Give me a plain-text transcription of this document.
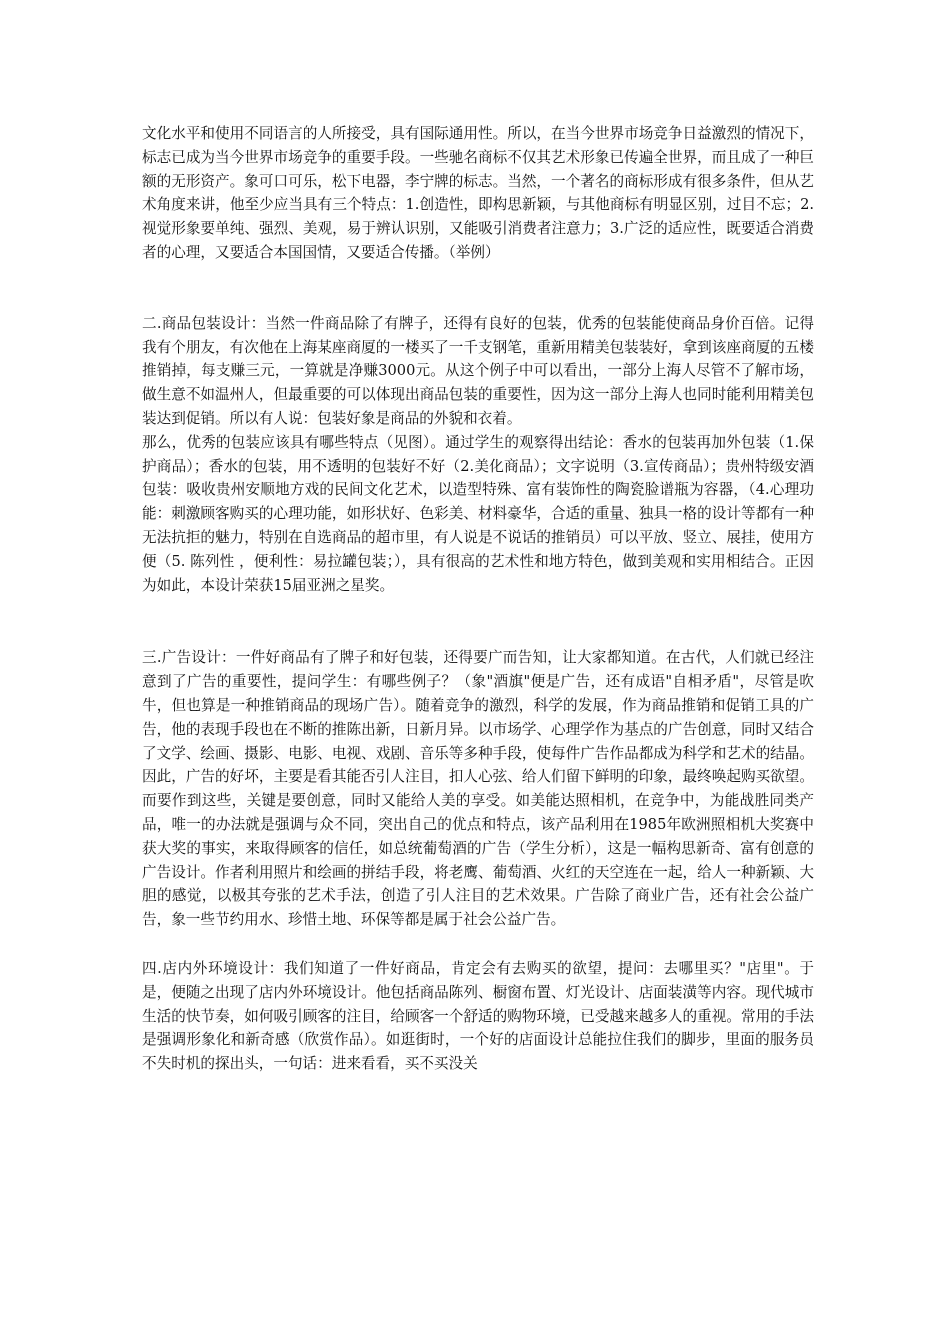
文化水平和使用不同语言的人所接受，具有国际通用性。所以，在当今世界市场竞争日益激烈的情况下，标志已成为当今世界市场竞争的重要手段。一些驰名商标不仅其艺术形象已传遍全世界，而且成了一种巨额的无形资产。象可口可乐，松下电器，李宁牌的标志。当然，一个著名的商标形成有很多条件，但从艺术角度来讲，他至少应当具有三个特点：1.创造性，即构思新颖，与其他商标有明显区别，过目不忘；2.视觉形象要单纯、强烈、美观，易于辨认识别，又能吸引消费者注意力；3.广泛的适应性，既要适合消费者的心理，又要适合本国国情，又要适合传播。（举例）

二.商品包装设计：当然一件商品除了有牌子，还得有良好的包装，优秀的包装能使商品身价百倍。记得我有个朋友，有次他在上海某座商厦的一楼买了一千支钢笔，重新用精美包装装好，拿到该座商厦的五楼推销掉，每支赚三元，一算就是净赚3000元。从这个例子中可以看出，一部分上海人尽管不了解市场，做生意不如温州人，但最重要的可以体现出商品包装的重要性，因为这一部分上海人也同时能利用精美包装达到促销。所以有人说：包装好象是商品的外貌和衣着。

那么，优秀的包装应该具有哪些特点（见图）。通过学生的观察得出结论：香水的包装再加外包装（1.保护商品）；香水的包装，用不透明的包装好不好（2.美化商品）；文字说明（3.宣传商品）；贵州特级安酒包装：吸收贵州安顺地方戏的民间文化艺术，以造型特殊、富有装饰性的陶瓷脸谱瓶为容器，（4.心理功能：刺激顾客购买的心理功能，如形状好、色彩美、材料豪华，合适的重量、独具一格的设计等都有一种无法抗拒的魅力，特别在自选商品的超市里，有人说是不说话的推销员）可以平放、竖立、展挂，使用方便（5. 陈列性 ，便利性：易拉罐包装；），具有很高的艺术性和地方特色，做到美观和实用相结合。正因为如此，本设计荣获15届亚洲之星奖。

三.广告设计：一件好商品有了牌子和好包装，还得要广而告知，让大家都知道。在古代，人们就已经注意到了广告的重要性，提问学生：有哪些例子？（象"酒旗"便是广告，还有成语"自相矛盾"，尽管是吹牛，但也算是一种推销商品的现场广告）。随着竞争的激烈，科学的发展，作为商品推销和促销工具的广告，他的表现手段也在不断的推陈出新，日新月异。以市场学、心理学作为基点的广告创意，同时又结合了文学、绘画、摄影、电影、电视、戏剧、音乐等多种手段，使每件广告作品都成为科学和艺术的结晶。因此，广告的好坏，主要是看其能否引人注目，扣人心弦、给人们留下鲜明的印象，最终唤起购买欲望。而要作到这些，关键是要创意，同时又能给人美的享受。如美能达照相机，在竞争中，为能战胜同类产品，唯一的办法就是强调与众不同，突出自己的优点和特点，该产品利用在1985年欧洲照相机大奖赛中获大奖的事实，来取得顾客的信任，如总统葡萄酒的广告（学生分析），这是一幅构思新奇、富有创意的广告设计。作者利用照片和绘画的拼结手段，将老鹰、葡萄酒、火红的天空连在一起，给人一种新颖、大胆的感觉，以极其夸张的艺术手法，创造了引人注目的艺术效果。广告除了商业广告，还有社会公益广告，象一些节约用水、珍惜土地、环保等都是属于社会公益广告。

四.店内外环境设计：我们知道了一件好商品，肯定会有去购买的欲望，提问：去哪里买？"店里"。于是，便随之出现了店内外环境设计。他包括商品陈列、橱窗布置、灯光设计、店面装潢等内容。现代城市生活的快节奏，如何吸引顾客的注目，给顾客一个舒适的购物环境，已受越来越多人的重视。常用的手法是强调形象化和新奇感（欣赏作品）。如逛街时，一个好的店面设计总能拉住我们的脚步，里面的服务员不失时机的探出头，一句话：进来看看，买不买没关
